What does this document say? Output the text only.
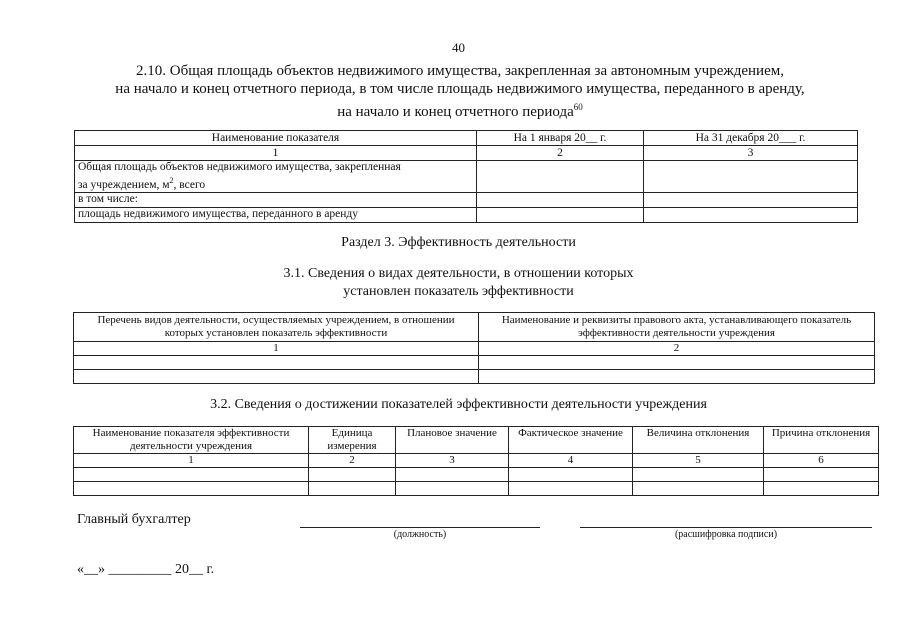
40
2.10. Общая площадь объектов недвижимого имущества, закрепленная за автономным учреждением,
на начало и конец отчетного периода, в том числе площадь недвижимого имущества, переданного в аренду,
на начало и конец отчетного периода$^{60}$
Наименование показателя	На 1 января 20__ г.	На 31 декабря 20___ г.
1	2	3

Общая площадь объектов недвижимого имущества, закрепленная
за учреждением, $м^2$, всего		

в том числе:		
площадь недвижимого имущества, переданного в аренду		
Раздел 3. Эффективность деятельности
3.1. Сведения о видах деятельности, в отношении которых
установлен показатель эффективности
Перечень видов деятельности, осуществляемых учреждением, в отношении которых установлен показатель эффективности	Наименование и реквизиты правового акта, устанавливающего показатель эффективности деятельности учреждения
1	2

3.2. Сведения о достижении показателей эффективности деятельности учреждения
Наименование показателя эффективности деятельности учреждения	Единица измерения	Плановое значение	Фактическое значение	Величина отклонения	Причина отклонения
1	2	3	4	5	6

Главный бухгалтер
(должность)	(расшифровка подписи)
«__» _________ 20__ г.
